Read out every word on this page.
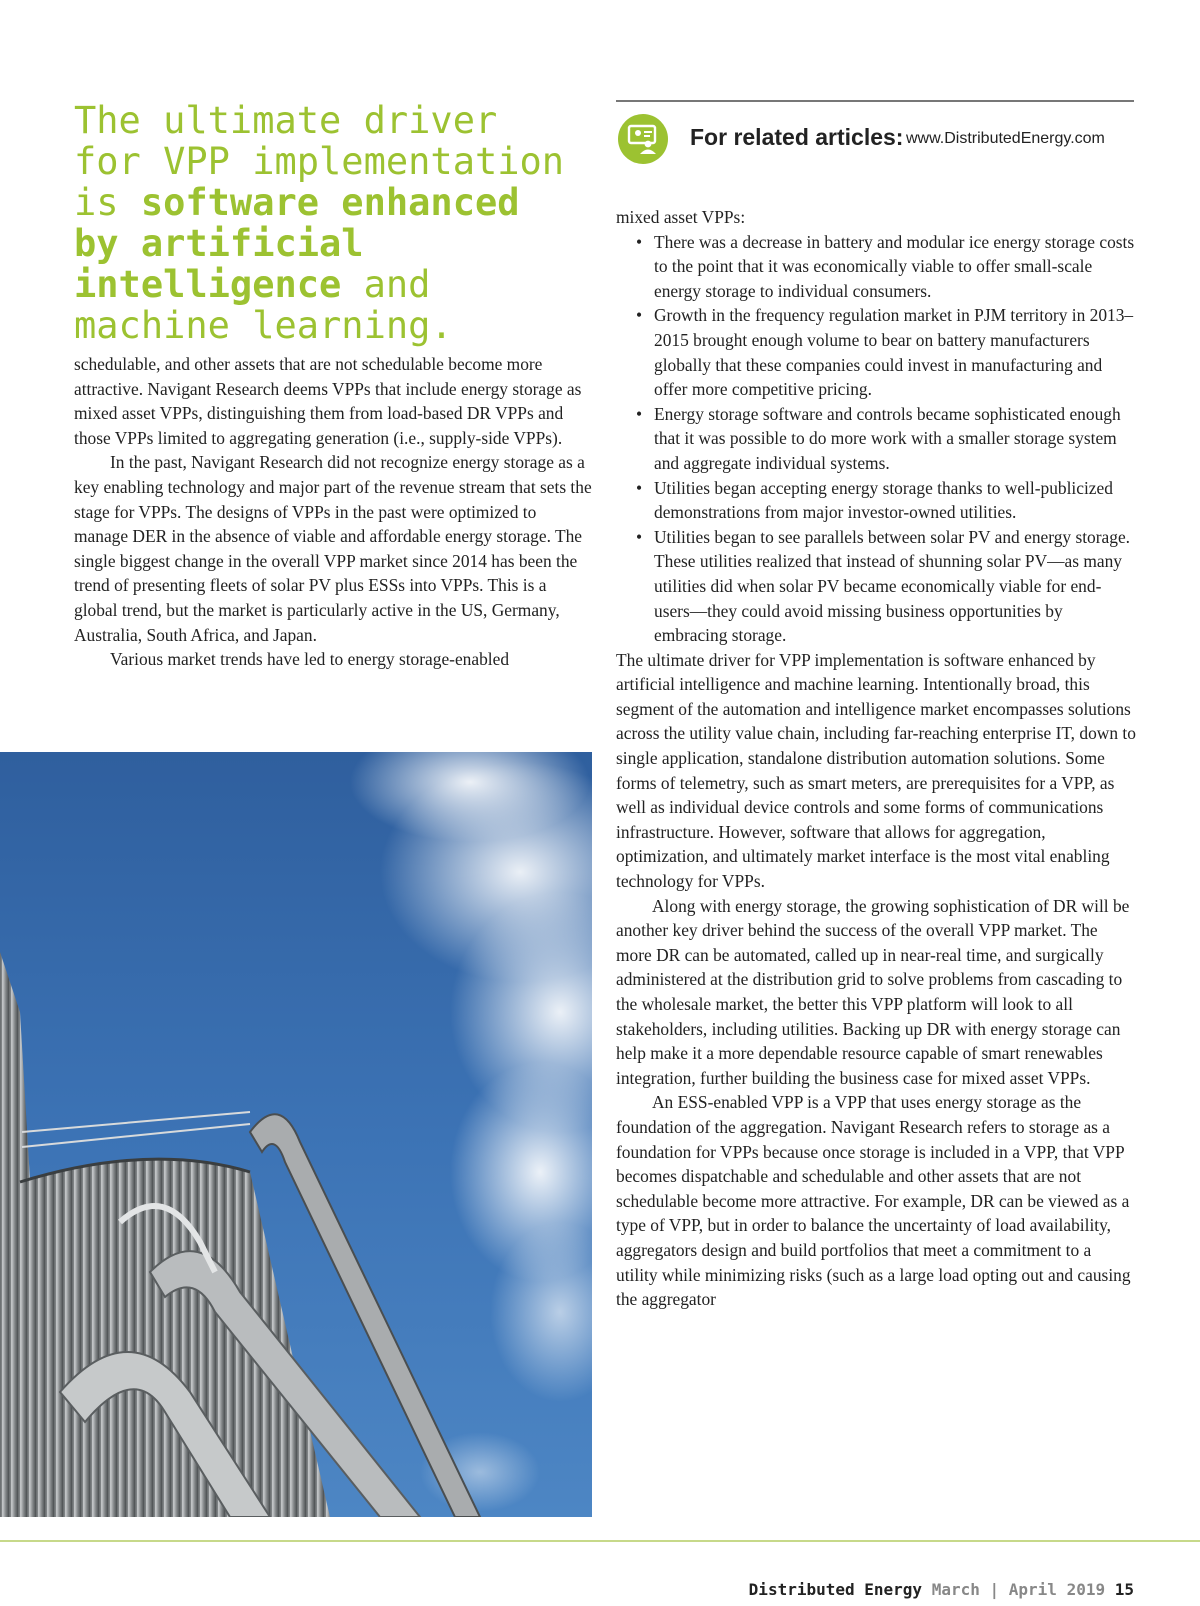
The ultimate driver for VPP implementation is software enhanced by artificial intelligence and machine learning.
For related articles: www.DistributedEnergy.com

schedulable, and other assets that are not schedulable become more attractive. Navigant Research deems VPPs that include energy storage as mixed asset VPPs, distinguishing them from load-based DR VPPs and those VPPs limited to aggregating generation (i.e., supply-side VPPs).

In the past, Navigant Research did not recognize energy storage as a key enabling technology and major part of the revenue stream that sets the stage for VPPs. The designs of VPPs in the past were optimized to manage DER in the absence of viable and affordable energy storage. The single biggest change in the overall VPP market since 2014 has been the trend of presenting fleets of solar PV plus ESSs into VPPs. This is a global trend, but the market is particularly active in the US, Germany, Australia, South Africa, and Japan.

Various market trends have led to energy storage-enabled

mixed asset VPPs:

• There was a decrease in battery and modular ice energy storage costs to the point that it was economically viable to offer small-scale energy storage to individual consumers.
• Growth in the frequency regulation market in PJM territory in 2013–2015 brought enough volume to bear on battery manufacturers globally that these companies could invest in manufacturing and offer more competitive pricing.
• Energy storage software and controls became sophisticated enough that it was possible to do more work with a smaller storage system and aggregate individual systems.
• Utilities began accepting energy storage thanks to well-publicized demonstrations from major investor-owned utilities.
• Utilities began to see parallels between solar PV and energy storage. These utilities realized that instead of shunning solar PV—as many utilities did when solar PV became economically viable for end-users—they could avoid missing business opportunities by embracing storage.

The ultimate driver for VPP implementation is software enhanced by artificial intelligence and machine learning. Intentionally broad, this segment of the automation and intelligence market encompasses solutions across the utility value chain, including far-reaching enterprise IT, down to single application, standalone distribution automation solutions. Some forms of telemetry, such as smart meters, are prerequisites for a VPP, as well as individual device controls and some forms of communications infrastructure. However, software that allows for aggregation, optimization, and ultimately market interface is the most vital enabling technology for VPPs.

Along with energy storage, the growing sophistication of DR will be another key driver behind the success of the overall VPP market. The more DR can be automated, called up in near-real time, and surgically administered at the distribution grid to solve problems from cascading to the wholesale market, the better this VPP platform will look to all stakeholders, including utilities. Backing up DR with energy storage can help make it a more dependable resource capable of smart renewables integration, further building the business case for mixed asset VPPs.

An ESS-enabled VPP is a VPP that uses energy storage as the foundation of the aggregation. Navigant Research refers to storage as a foundation for VPPs because once storage is included in a VPP, that VPP becomes dispatchable and schedulable and other assets that are not schedulable become more attractive. For example, DR can be viewed as a type of VPP, but in order to balance the uncertainty of load availability, aggregators design and build portfolios that meet a commitment to a utility while minimizing risks (such as a large load opting out and causing the aggregator

Distributed Energy March | April 2019 15
